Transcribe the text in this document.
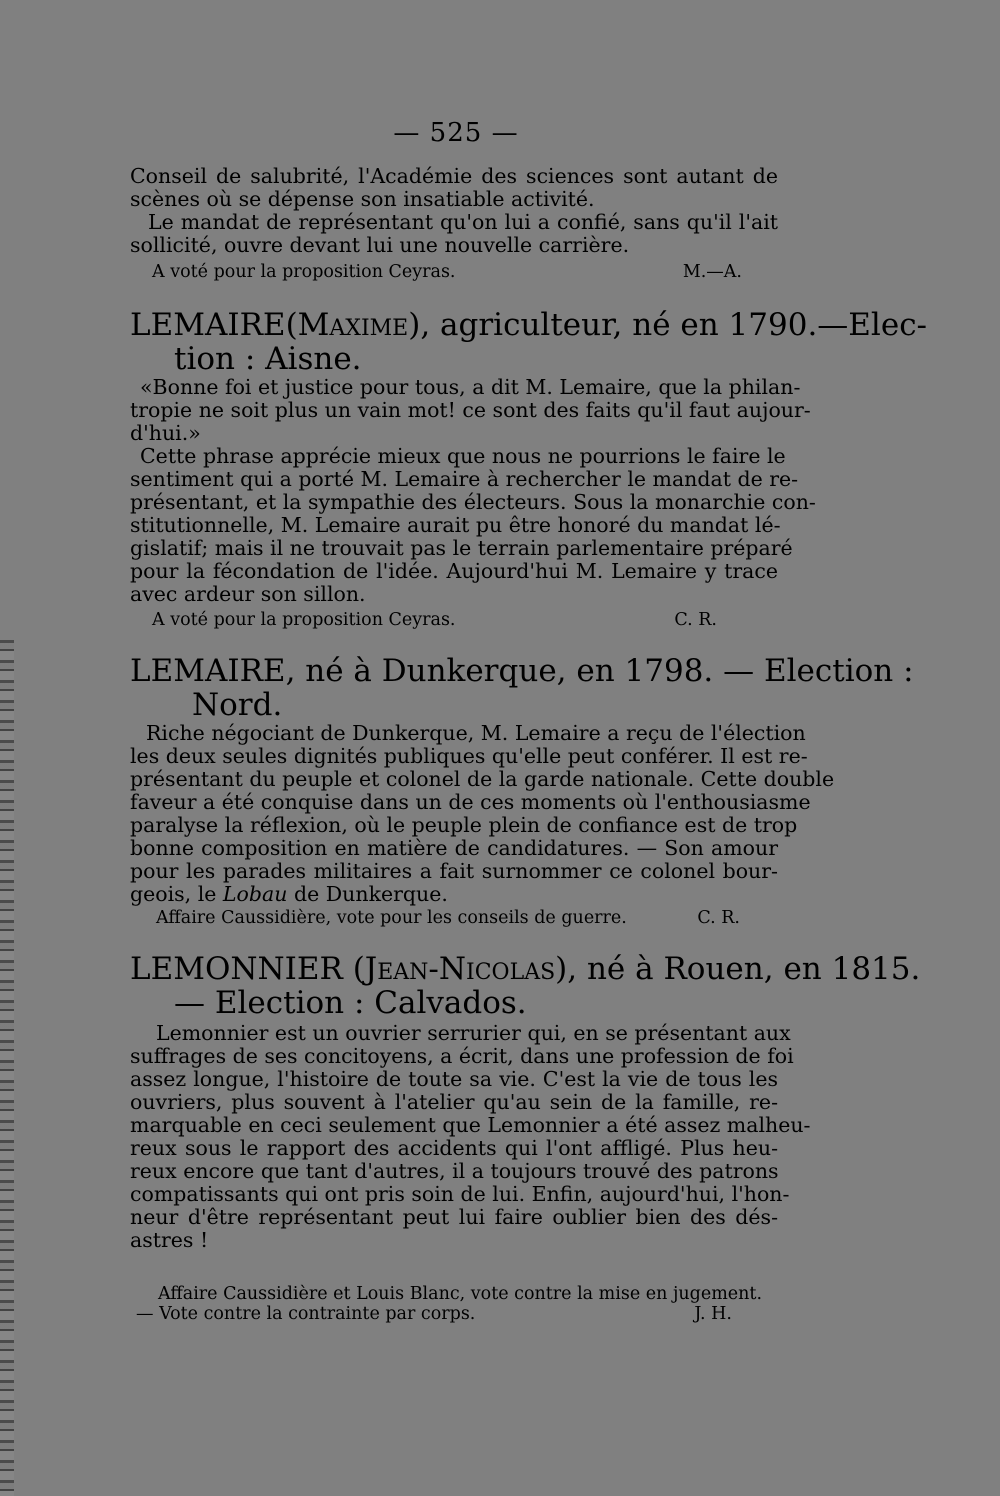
— 525 —

Conseil de salubrité, l'Académie des sciences sont autant de
scènes où se dépense son insatiable activité.
Le mandat de représentant qu'on lui a confié, sans qu'il l'ait
sollicité, ouvre devant lui une nouvelle carrière.

A voté pour la proposition Ceyras.	M.—A.
LEMAIRE(Maxime), agriculteur, né en 1790.—Elec-
tion : Aisne.

«Bonne foi et justice pour tous, a dit M. Lemaire, que la philan-
tropie ne soit plus un vain mot! ce sont des faits qu'il faut aujour-
d'hui.»
Cette phrase apprécie mieux que nous ne pourrions le faire le
sentiment qui a porté M. Lemaire à rechercher le mandat de re-
présentant, et la sympathie des électeurs. Sous la monarchie con-
stitutionnelle, M. Lemaire aurait pu être honoré du mandat lé-
gislatif; mais il ne trouvait pas le terrain parlementaire préparé
pour la fécondation de l'idée. Aujourd'hui M. Lemaire y trace
avec ardeur son sillon.

A voté pour la proposition Ceyras.	C. R.
LEMAIRE, né à Dunkerque, en 1798. — Election :
Nord.

Riche négociant de Dunkerque, M. Lemaire a reçu de l'élection
les deux seules dignités publiques qu'elle peut conférer. Il est re-
présentant du peuple et colonel de la garde nationale. Cette double
faveur a été conquise dans un de ces moments où l'enthousiasme
paralyse la réflexion, où le peuple plein de confiance est de trop
bonne composition en matière de candidatures. — Son amour
pour les parades militaires a fait surnommer ce colonel bour-
geois, le Lobau de Dunkerque.

Affaire Caussidière, vote pour les conseils de guerre.	C. R.
LEMONNIER (Jean-Nicolas), né à Rouen, en 1815.
— Election : Calvados.

Lemonnier est un ouvrier serrurier qui, en se présentant aux
suffrages de ses concitoyens, a écrit, dans une profession de foi
assez longue, l'histoire de toute sa vie. C'est la vie de tous les
ouvriers, plus souvent à l'atelier qu'au sein de la famille, re-
marquable en ceci seulement que Lemonnier a été assez malheu-
reux sous le rapport des accidents qui l'ont affligé. Plus heu-
reux encore que tant d'autres, il a toujours trouvé des patrons
compatissants qui ont pris soin de lui. Enfin, aujourd'hui, l'hon-
neur d'être représentant peut lui faire oublier bien des dés-
astres !

Affaire Caussidière et Louis Blanc, vote contre la mise en jugement.
— Vote contre la contrainte par corps.	J. H.
